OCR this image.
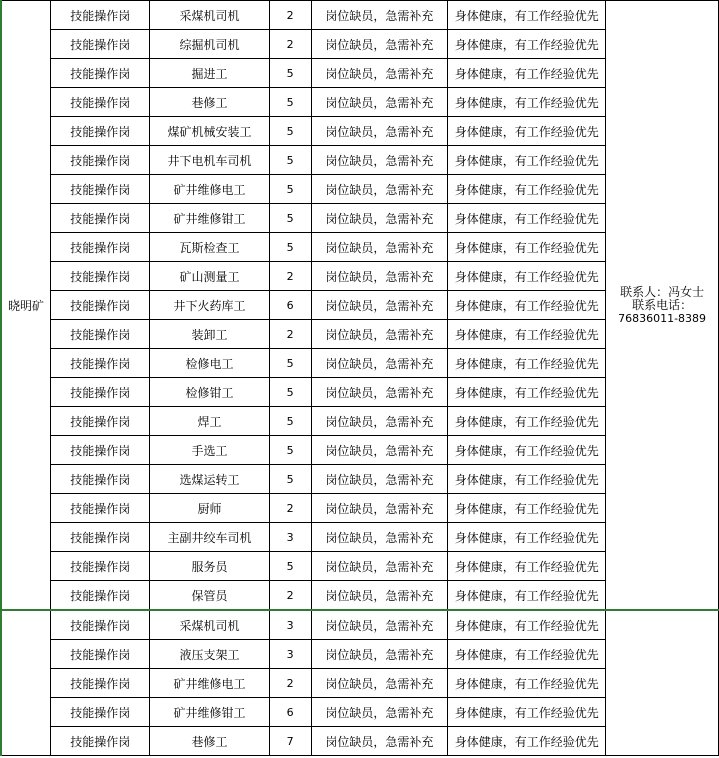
晓明矿	技能操作岗	采煤机司机	2	岗位缺员，急需补充	身体健康，有工作经验优先	联系人：冯女士
联系电话：
76836011-8389

	技能操作岗	综掘机司机	2	岗位缺员，急需补充	身体健康，有工作经验优先	
	技能操作岗	掘进工	5	岗位缺员，急需补充	身体健康，有工作经验优先	
	技能操作岗	巷修工	5	岗位缺员，急需补充	身体健康，有工作经验优先	
	技能操作岗	煤矿机械安装工	5	岗位缺员，急需补充	身体健康，有工作经验优先	
	技能操作岗	井下电机车司机	5	岗位缺员，急需补充	身体健康，有工作经验优先	
	技能操作岗	矿井维修电工	5	岗位缺员，急需补充	身体健康，有工作经验优先	
	技能操作岗	矿井维修钳工	5	岗位缺员，急需补充	身体健康，有工作经验优先	
	技能操作岗	瓦斯检查工	5	岗位缺员，急需补充	身体健康，有工作经验优先	
	技能操作岗	矿山测量工	2	岗位缺员，急需补充	身体健康，有工作经验优先	
	技能操作岗	井下火药库工	6	岗位缺员，急需补充	身体健康，有工作经验优先	
	技能操作岗	装卸工	2	岗位缺员，急需补充	身体健康，有工作经验优先	
	技能操作岗	检修电工	5	岗位缺员，急需补充	身体健康，有工作经验优先	
	技能操作岗	检修钳工	5	岗位缺员，急需补充	身体健康，有工作经验优先	
	技能操作岗	焊工	5	岗位缺员，急需补充	身体健康，有工作经验优先	
	技能操作岗	手选工	5	岗位缺员，急需补充	身体健康，有工作经验优先	
	技能操作岗	选煤运转工	5	岗位缺员，急需补充	身体健康，有工作经验优先	
	技能操作岗	厨师	2	岗位缺员，急需补充	身体健康，有工作经验优先	
	技能操作岗	主副井绞车司机	3	岗位缺员，急需补充	身体健康，有工作经验优先	
	技能操作岗	服务员	5	岗位缺员，急需补充	身体健康，有工作经验优先	
	技能操作岗	保管员	2	岗位缺员，急需补充	身体健康，有工作经验优先	
	技能操作岗	采煤机司机	3	岗位缺员，急需补充	身体健康，有工作经验优先	
	技能操作岗	液压支架工	3	岗位缺员，急需补充	身体健康，有工作经验优先	
	技能操作岗	矿井维修电工	2	岗位缺员，急需补充	身体健康，有工作经验优先	
	技能操作岗	矿井维修钳工	6	岗位缺员，急需补充	身体健康，有工作经验优先	
	技能操作岗	巷修工	7	岗位缺员，急需补充	身体健康，有工作经验优先	
